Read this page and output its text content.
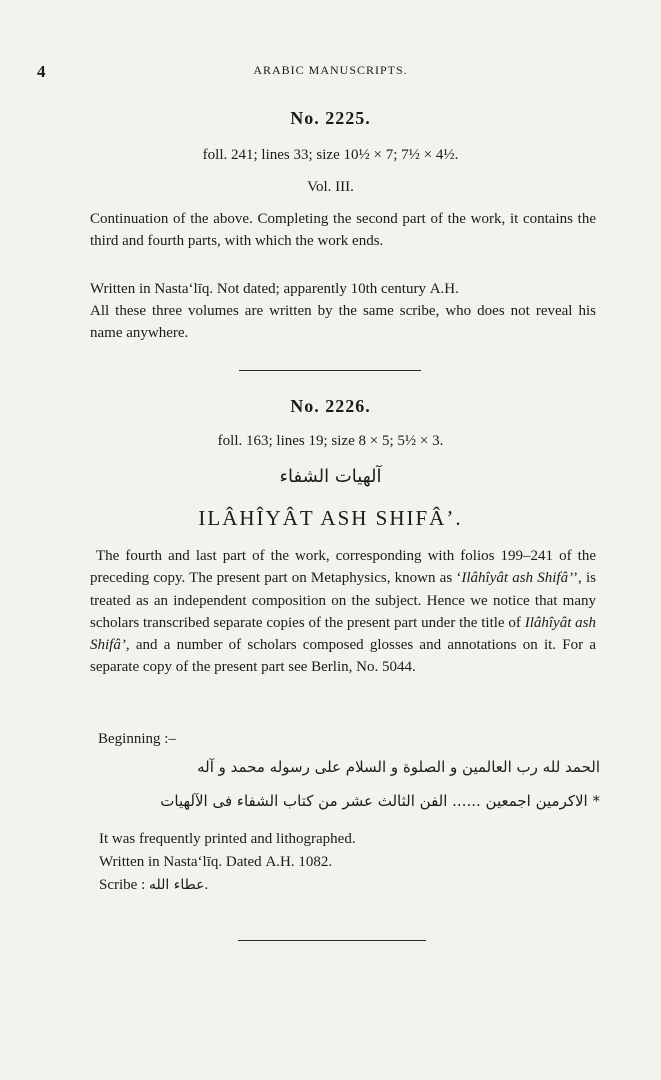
4	ARABIC MANUSCRIPTS.
No. 2225.
foll. 241; lines 33; size 10½ × 7; 7½ × 4½.
Vol. III.
Continuation of the above. Completing the second part of the work, it contains the third and fourth parts, with which the work ends.
Written in Nasta‘līq. Not dated; apparently 10th century A.H.
All these three volumes are written by the same scribe, who does not reveal his name anywhere.
No. 2226.
foll. 163; lines 19; size 8 × 5; 5½ × 3.
آلهيات الشفاء
ILÂHÎYÂT ASH SHIFÂ’.
The fourth and last part of the work, corresponding with folios 199–241 of the preceding copy. The present part on Metaphysics, known as ‘Ilâhîyât ash Shifâ’’, is treated as an independent composition on the subject. Hence we notice that many scholars transcribed separate copies of the present part under the title of Ilâhîyât ash Shifâ’, and a number of scholars composed glosses and annotations on it. For a separate copy of the present part see Berlin, No. 5044.
Beginning :–
الحمد لله رب العالمين و الصلوة و السلام على رسوله محمد و آله
* الاكرمين اجمعين ...... الفن الثالث عشر من كتاب الشفاء فى الآلهيات
It was frequently printed and lithographed.
Written in Nasta‘līq. Dated A.H. 1082.
Scribe : عطاء الله.
